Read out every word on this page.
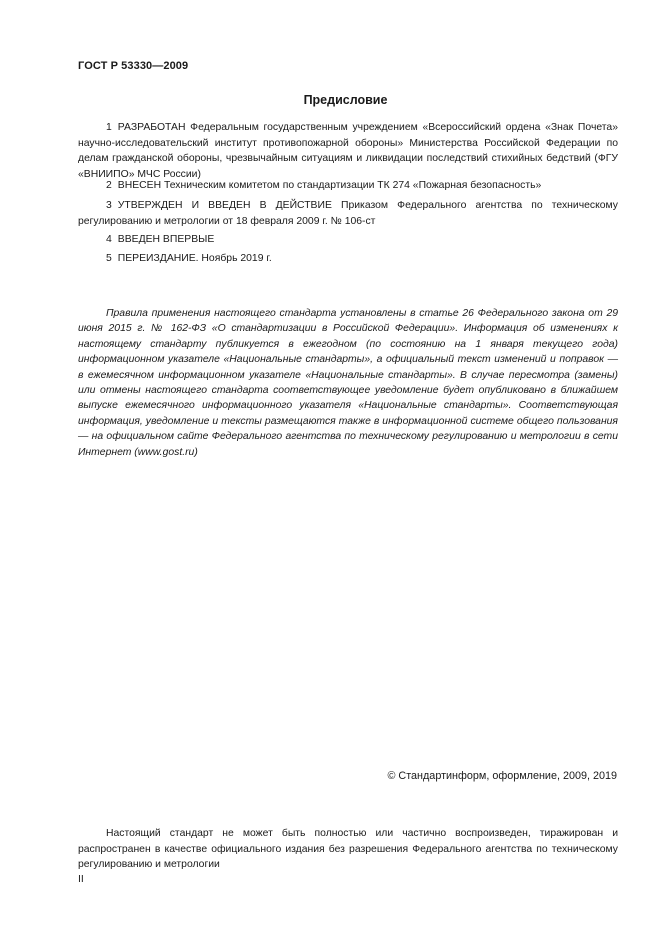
ГОСТ Р 53330—2009
Предисловие
1 РАЗРАБОТАН Федеральным государственным учреждением «Всероссийский ордена «Знак Почета» научно-исследовательский институт противопожарной обороны» Министерства Российской Федерации по делам гражданской обороны, чрезвычайным ситуациям и ликвидации последствий стихийных бедствий (ФГУ «ВНИИПО» МЧС России)
2 ВНЕСЕН Техническим комитетом по стандартизации ТК 274 «Пожарная безопасность»
3 УТВЕРЖДЕН И ВВЕДЕН В ДЕЙСТВИЕ Приказом Федерального агентства по техническому регулированию и метрологии от 18 февраля 2009 г. № 106-ст
4 ВВЕДЕН ВПЕРВЫЕ
5 ПЕРЕИЗДАНИЕ. Ноябрь 2019 г.
Правила применения настоящего стандарта установлены в статье 26 Федерального закона от 29 июня 2015 г. № 162-ФЗ «О стандартизации в Российской Федерации». Информация об изменениях к настоящему стандарту публикуется в ежегодном (по состоянию на 1 января текущего года) информационном указателе «Национальные стандарты», а официальный текст изменений и поправок — в ежемесячном информационном указателе «Национальные стандарты». В случае пересмотра (замены) или отмены настоящего стандарта соответствующее уведомление будет опубликовано в ближайшем выпуске ежемесячного информационного указателя «Национальные стандарты». Соответствующая информация, уведомление и тексты размещаются также в информационной системе общего пользования — на официальном сайте Федерального агентства по техническому регулированию и метрологии в сети Интернет (www.gost.ru)
© Стандартинформ, оформление, 2009, 2019
Настоящий стандарт не может быть полностью или частично воспроизведен, тиражирован и распространен в качестве официального издания без разрешения Федерального агентства по техническому регулированию и метрологии
II
